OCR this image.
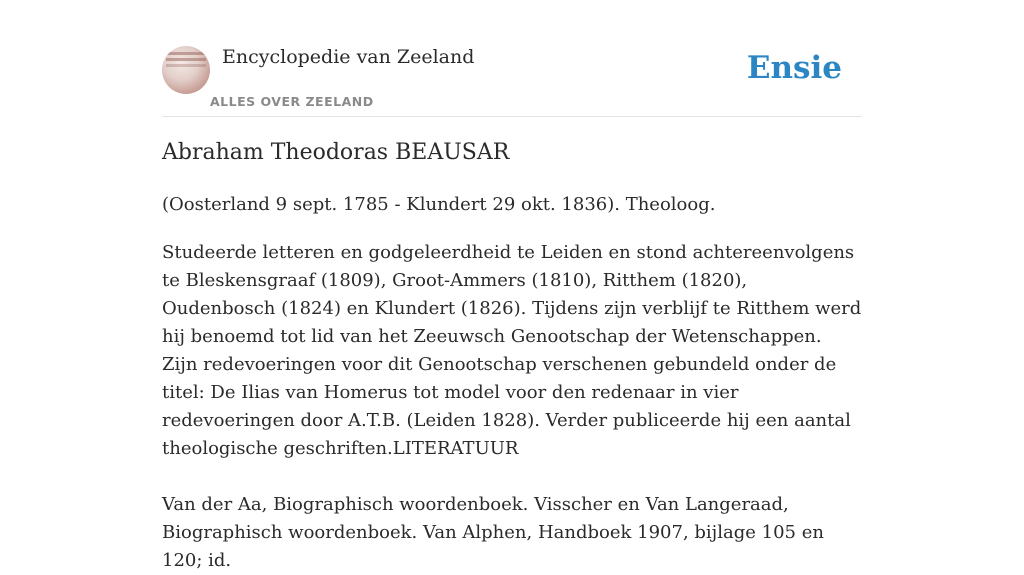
Encyclopedie van Zeeland
ALLES OVER ZEELAND
Ensie
Abraham Theodoras BEAUSAR

(Oosterland 9 sept. 1785 - Klundert 29 okt. 1836). Theoloog.

Studeerde letteren en godgeleerdheid te Leiden en stond achtereenvolgens te Bleskensgraaf (1809), Groot-Ammers (1810), Ritthem (1820), Oudenbosch (1824) en Klundert (1826). Tijdens zijn verblijf te Ritthem werd hij benoemd tot lid van het Zeeuwsch Genootschap der Wetenschappen. Zijn redevoeringen voor dit Genootschap verschenen gebundeld onder de titel: De Ilias van Homerus tot model voor den redenaar in vier redevoeringen door A.T.B. (Leiden 1828). Verder publiceerde hij een aantal theologische geschriften.LITERATUUR

Van der Aa, Biographisch woordenboek. Visscher en Van Langeraad, Biographisch woordenboek. Van Alphen, Handboek 1907, bijlage 105 en 120; id.
